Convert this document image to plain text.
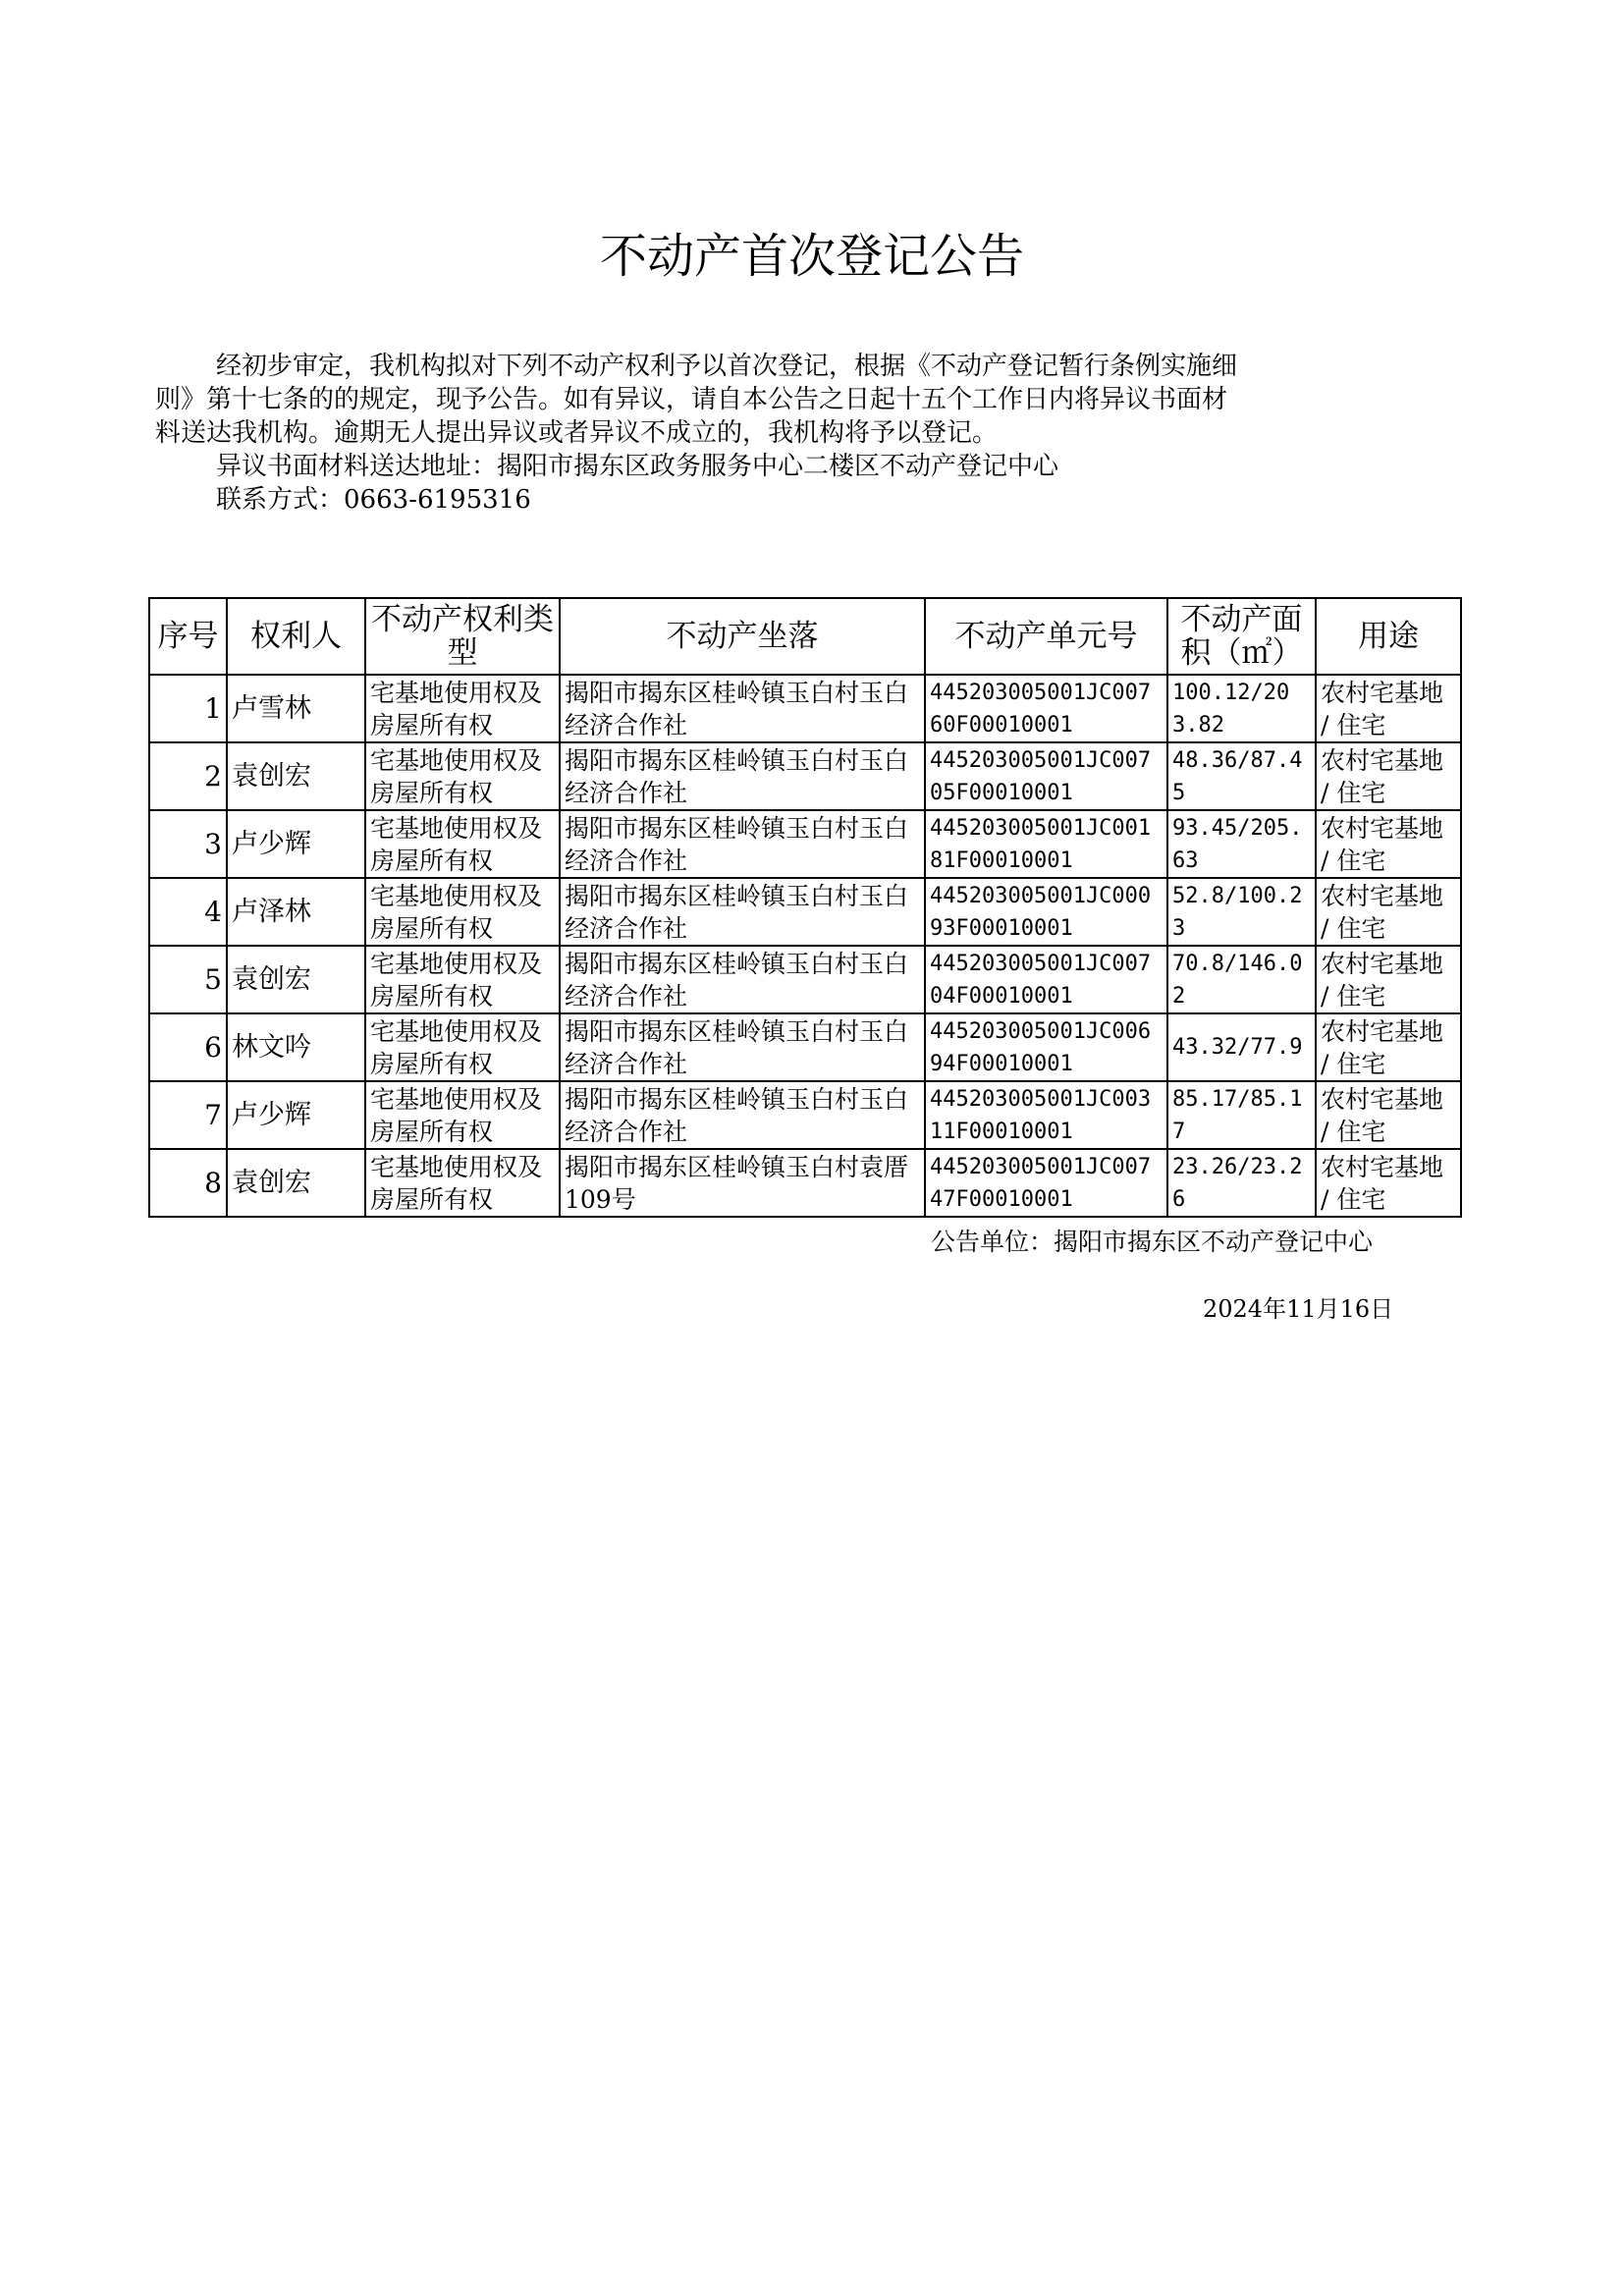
不动产首次登记公告

经初步审定，我机构拟对下列不动产权利予以首次登记，根据《不动产登记暂行条例实施细

则》第十七条的的规定，现予公告。如有异议，请自本公告之日起十五个工作日内将异议书面材

料送达我机构。逾期无人提出异议或者异议不成立的，我机构将予以登记。

异议书面材料送达地址：揭阳市揭东区政务服务中心二楼区不动产登记中心

联系方式：0663-6195316

序号	权利人	不动产权利类型	不动产坐落	不动产单元号	不动产面积（㎡）	用途
1	卢雪林	宅基地使用权及房屋所有权	揭阳市揭东区桂岭镇玉白村玉白经济合作社	445203005001JC00760F00010001	100.12/203.82	农村宅基地 / 住宅
2	袁创宏	宅基地使用权及房屋所有权	揭阳市揭东区桂岭镇玉白村玉白经济合作社	445203005001JC00705F00010001	48.36/87.45	农村宅基地 / 住宅
3	卢少辉	宅基地使用权及房屋所有权	揭阳市揭东区桂岭镇玉白村玉白经济合作社	445203005001JC00181F00010001	93.45/205.63	农村宅基地 / 住宅
4	卢泽林	宅基地使用权及房屋所有权	揭阳市揭东区桂岭镇玉白村玉白经济合作社	445203005001JC00093F00010001	52.8/100.23	农村宅基地 / 住宅
5	袁创宏	宅基地使用权及房屋所有权	揭阳市揭东区桂岭镇玉白村玉白经济合作社	445203005001JC00704F00010001	70.8/146.02	农村宅基地 / 住宅
6	林文吟	宅基地使用权及房屋所有权	揭阳市揭东区桂岭镇玉白村玉白经济合作社	445203005001JC00694F00010001	43.32/77.9	农村宅基地 / 住宅
7	卢少辉	宅基地使用权及房屋所有权	揭阳市揭东区桂岭镇玉白村玉白经济合作社	445203005001JC00311F00010001	85.17/85.17	农村宅基地 / 住宅
8	袁创宏	宅基地使用权及房屋所有权	揭阳市揭东区桂岭镇玉白村袁厝109号	445203005001JC00747F00010001	23.26/23.26	农村宅基地 / 住宅
公告单位：揭阳市揭东区不动产登记中心
2024年11月16日
